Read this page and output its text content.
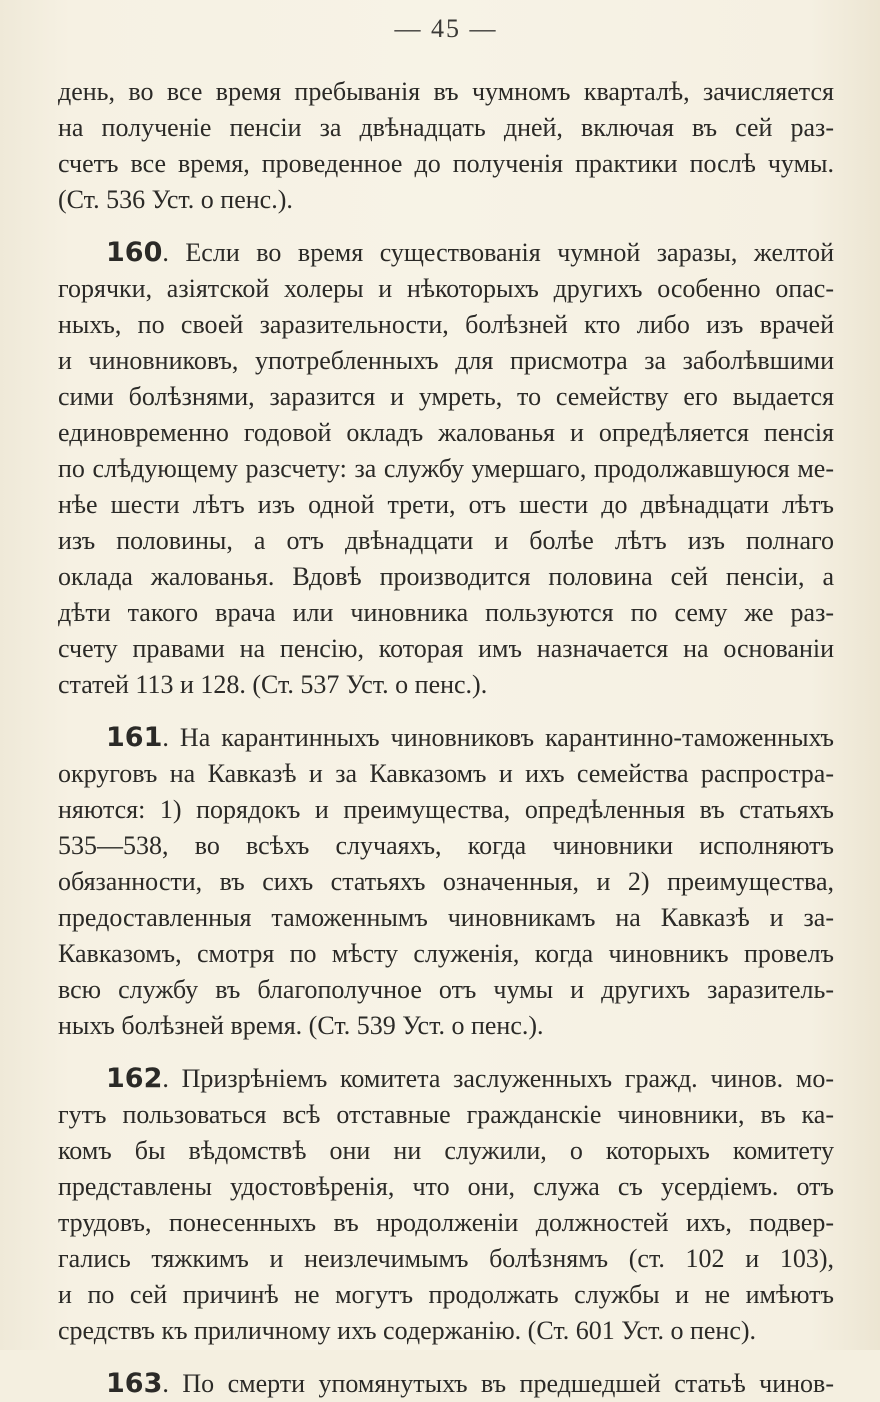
— 45 —
день, во все время пребыванія въ чумномъ кварталѣ, зачисляется
на полученіе пенсіи за двѣнадцать дней, включая въ сей раз-
счетъ все время, проведенное до полученія практики послѣ чумы.
(Ст. 536 Уст. о пенс.).
160. Если во время существованія чумной заразы, желтой
горячки, азіятской холеры и нѣкоторыхъ другихъ особенно опас-
ныхъ, по своей заразительности, болѣзней кто либо изъ врачей
и чиновниковъ, употребленныхъ для присмотра за заболѣвшими
сими болѣзнями, заразится и умреть, то семейству его выдается
единовременно годовой окладъ жалованья и опредѣляется пенсія
по слѣдующему разсчету: за службу умершаго, продолжавшуюся ме-
нѣе шести лѣтъ изъ одной трети, отъ шести до двѣнадцати лѣтъ
изъ половины, а отъ двѣнадцати и болѣе лѣтъ изъ полнаго
оклада жалованья. Вдовѣ производится половина сей пенсіи, а
дѣти такого врача или чиновника пользуются по сему же раз-
счету правами на пенсію, которая имъ назначается на основаніи
статей 113 и 128. (Ст. 537 Уст. о пенс.).
161. На карантинныхъ чиновниковъ карантинно-таможенныхъ
округовъ на Кавказѣ и за Кавказомъ и ихъ семейства распростра-
няются: 1) порядокъ и преимущества, опредѣленныя въ статьяхъ
535—538, во всѣхъ случаяхъ, когда чиновники исполняютъ
обязанности, въ сихъ статьяхъ означенныя, и 2) преимущества,
предоставленныя таможеннымъ чиновникамъ на Кавказѣ и за-
Кавказомъ, смотря по мѣсту служенія, когда чиновникъ провелъ
всю службу въ благополучное отъ чумы и другихъ заразитель-
ныхъ болѣзней время. (Ст. 539 Уст. о пенс.).
162. Призрѣніемъ комитета заслуженныхъ гражд. чинов. мо-
гутъ пользоваться всѣ отставные гражданскіе чиновники, въ ка-
комъ бы вѣдомствѣ они ни служили, о которыхъ комитету
представлены удостовѣренія, что они, служа съ усердіемъ. отъ
трудовъ, понесенныхъ въ нродолженіи должностей ихъ, подвер-
гались тяжкимъ и неизлечимымъ болѣзнямъ (ст. 102 и 103),
и по сей причинѣ не могутъ продолжать службы и не имѣютъ
средствъ къ приличному ихъ содержанію. (Ст. 601 Уст. о пенс).
163. По смерти упомянутыхъ въ предшедшей статьѣ чинов-
